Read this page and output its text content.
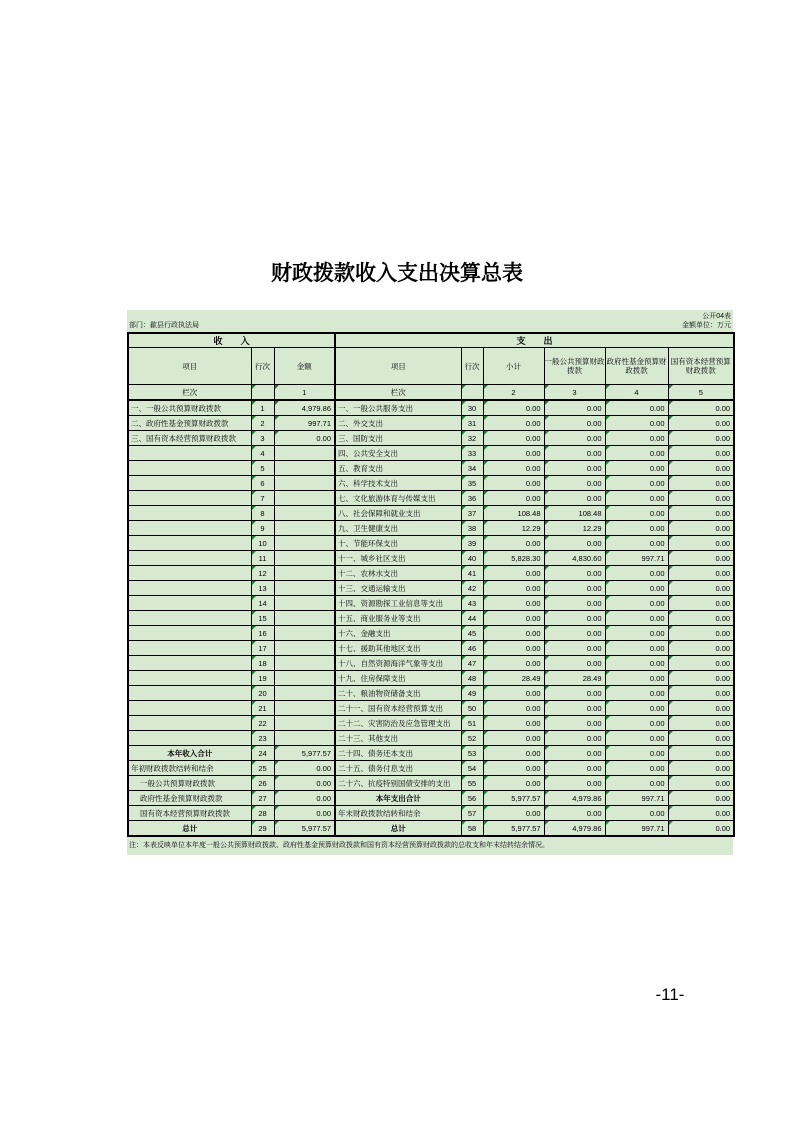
财政拨款收入支出决算总表
公开04表
部门：歙县行政执法局	金额单位：万元
收　　入			支　　出					
项目	行次	金额	项目	行次	小计	一般公共预算财政拨款	政府性基金预算财政拨款	国有资本经营预算财政拨款
栏次		1	栏次		2	3	4	5
一、一般公共预算财政拨款	1	4,979.86	一、一般公共服务支出	30	0.00	0.00	0.00	0.00
二、政府性基金预算财政拨款	2	997.71	二、外交支出	31	0.00	0.00	0.00	0.00
三、国有资本经营预算财政拨款	3	0.00	三、国防支出	32	0.00	0.00	0.00	0.00
	4		四、公共安全支出	33	0.00	0.00	0.00	0.00
	5		五、教育支出	34	0.00	0.00	0.00	0.00
	6		六、科学技术支出	35	0.00	0.00	0.00	0.00
	7		七、文化旅游体育与传媒支出	36	0.00	0.00	0.00	0.00
	8		八、社会保障和就业支出	37	108.48	108.48	0.00	0.00
	9		九、卫生健康支出	38	12.29	12.29	0.00	0.00
	10		十、节能环保支出	39	0.00	0.00	0.00	0.00
	11		十一、城乡社区支出	40	5,828.30	4,830.60	997.71	0.00
	12		十二、农林水支出	41	0.00	0.00	0.00	0.00
	13		十三、交通运输支出	42	0.00	0.00	0.00	0.00
	14		十四、资源勘探工业信息等支出	43	0.00	0.00	0.00	0.00
	15		十五、商业服务业等支出	44	0.00	0.00	0.00	0.00
	16		十六、金融支出	45	0.00	0.00	0.00	0.00
	17		十七、援助其他地区支出	46	0.00	0.00	0.00	0.00
	18		十八、自然资源海洋气象等支出	47	0.00	0.00	0.00	0.00
	19		十九、住房保障支出	48	28.49	28.49	0.00	0.00
	20		二十、粮油物资储备支出	49	0.00	0.00	0.00	0.00
	21		二十一、国有资本经营预算支出	50	0.00	0.00	0.00	0.00
	22		二十二、灾害防治及应急管理支出	51	0.00	0.00	0.00	0.00
	23		二十三、其他支出	52	0.00	0.00	0.00	0.00
本年收入合计	24	5,977.57	二十四、债务还本支出	53	0.00	0.00	0.00	0.00
年初财政拨款结转和结余	25	0.00	二十五、债务付息支出	54	0.00	0.00	0.00	0.00
一般公共预算财政拨款	26	0.00	二十六、抗疫特别国债安排的支出	55	0.00	0.00	0.00	0.00
政府性基金预算财政拨款	27	0.00	本年支出合计	56	5,977.57	4,979.86	997.71	0.00
国有资本经营预算财政拨款	28	0.00	年末财政拨款结转和结余	57	0.00	0.00	0.00	0.00
总计	29	5,977.57	总计	58	5,977.57	4,979.86	997.71	0.00
注：本表反映单位本年度一般公共预算财政拨款、政府性基金预算财政拨款和国有资本经营预算财政拨款的总收支和年末结转结余情况。
-11-
